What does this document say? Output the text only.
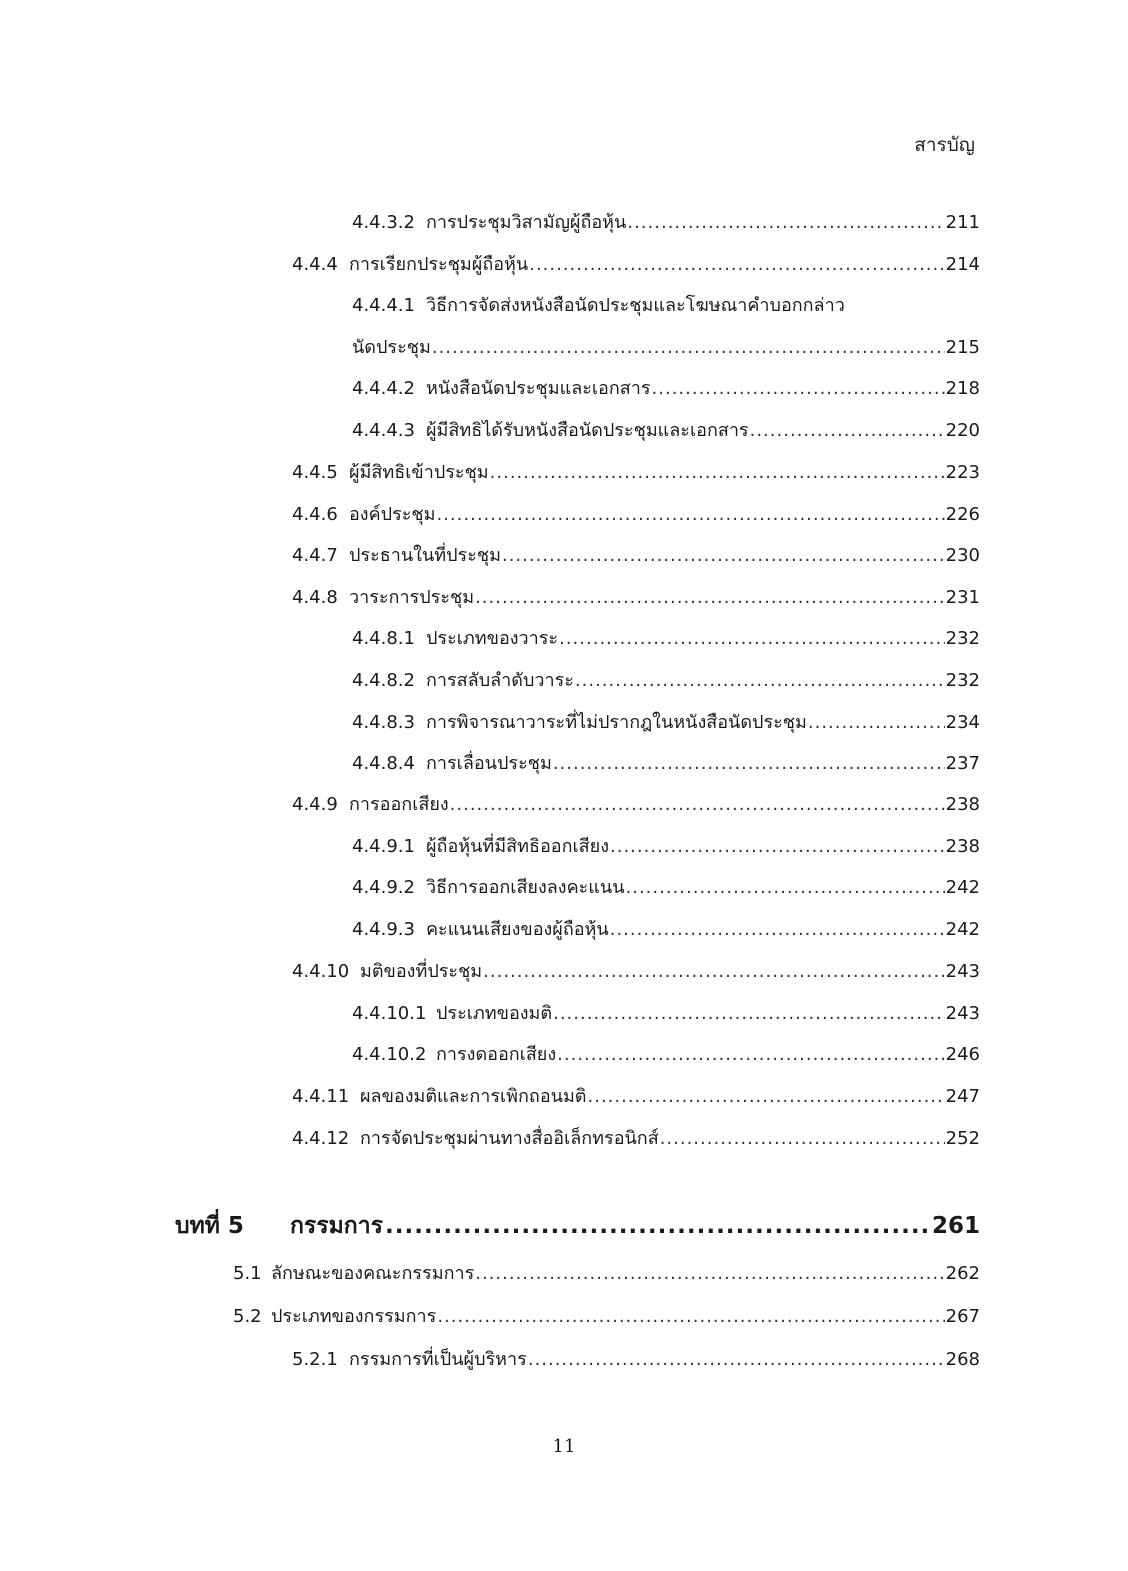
สารบัญ
4.4.3.2 การประชุมวิสามัญผู้ถือหุ้น .....	211
4.4.4 การเรียกประชุมผู้ถือหุ้น .....	214
4.4.4.1 วิธีการจัดส่งหนังสือนัดประชุมและโฆษณาคำบอกกล่าว
นัดประชุม .....	215
4.4.4.2 หนังสือนัดประชุมและเอกสาร .....	218
4.4.4.3 ผู้มีสิทธิได้รับหนังสือนัดประชุมและเอกสาร .....	220
4.4.5 ผู้มีสิทธิเข้าประชุม .....	223
4.4.6 องค์ประชุม .....	226
4.4.7 ประธานในที่ประชุม .....	230
4.4.8 วาระการประชุม .....	231
4.4.8.1 ประเภทของวาระ .....	232
4.4.8.2 การสลับลำดับวาระ .....	232
4.4.8.3 การพิจารณาวาระที่ไม่ปรากฎในหนังสือนัดประชุม .....	234
4.4.8.4 การเลื่อนประชุม .....	237
4.4.9 การออกเสียง .....	238
4.4.9.1 ผู้ถือหุ้นที่มีสิทธิออกเสียง .....	238
4.4.9.2 วิธีการออกเสียงลงคะแนน .....	242
4.4.9.3 คะแนนเสียงของผู้ถือหุ้น .....	242
4.4.10 มติของที่ประชุม .....	243
4.4.10.1 ประเภทของมติ .....	243
4.4.10.2 การงดออกเสียง .....	246
4.4.11 ผลของมติและการเพิกถอนมติ .....	247
4.4.12 การจัดประชุมผ่านทางสื่ออิเล็กทรอนิกส์ .....	252
บทที่ 5	กรรมการ .....	261
5.1 ลักษณะของคณะกรรมการ .....	262
5.2 ประเภทของกรรมการ .....	267
5.2.1 กรรมการที่เป็นผู้บริหาร .....	268
11
